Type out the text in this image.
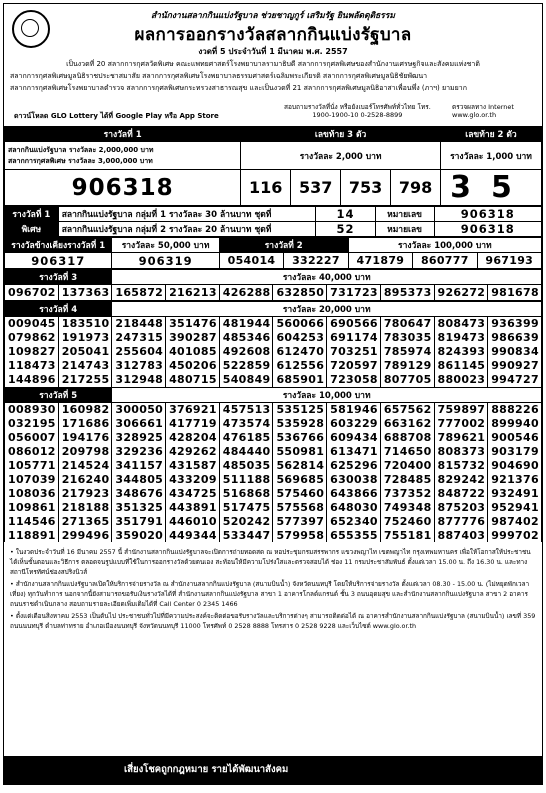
สำนักงานสลากกินแบ่งรัฐบาล ช่วยชาญกูร์ เสริมรัฐ ยินพลัดดุติธรรม
ผลการออกรางวัลสลากกินแบ่งรัฐบาล
งวดที่ 5 ประจำวันที่ 1 มีนาคม พ.ศ. 2557
เป็นงวดที่ 20 สลากการกุศลวัดพิเศษ คณะแพทยศาสตร์โรงพยาบาลรามาธิบดี สลากการกุศลพิเศษของสำนักงานเศรษฐกิจและสังคมแห่งชาติ
สลากการกุศลพิเศษมูลนิธิราชประชาสมาสัย สลากการกุศลพิเศษโรงพยาบาลธรรมศาสตร์เฉลิมพระเกียรติ สลากการกุศลพิเศษมูลนิธิชัยพัฒนา
สลากการกุศลพิเศษโรงพยาบาลตำรวจ สลากการกุศลพิเศษกระทรวงสาธารณสุข และเป็นงวดที่ 21 สลากการกุศลพิเศษมูลนิธิอาสาเพื่อนพึ่ง (ภาฯ) ยามยาก
ดาวน์โหลด GLO Lottery ได้ที่ Google Play หรือ App Store
สอบถามรางวัลที่นั่ง หรือยังเบอร์โทรศัพท์ทั่วไทย โทร.
1900-1900-10 0-2528-8899
ตรวจผลทาง Internet
www.glo.or.th
รางวัลที่ 1	เลขท้าย 3 ตัว				เลขท้าย 2 ตัว

สลากกินแบ่งรัฐบาล รางวัลละ 2,000,000 บาท
สลากการกุศลพิเศษ รางวัลละ 3,000,000 บาท	รางวัลละ 2,000 บาท				รางวัลละ 1,000 บาท
906318	116	537	753	798	35
รางวัลที่ 1	สลากกินแบ่งรัฐบาล กลุ่มที่ 1 รางวัลละ 30 ล้านบาท ชุดที่	14	หมายเลข	906318
พิเศษ	สลากกินแบ่งรัฐบาล กลุ่มที่ 2 รางวัลละ 20 ล้านบาท ชุดที่	52	หมายเลข	906318
รางวัลข้างเคียงรางวัลที่ 1	รางวัลละ 50,000 บาท	รางวัลที่ 2		รางวัลละ 100,000 บาท		
906317	906319	054014	332227	471879	860777	967193
รางวัลที่ 3		รางวัลละ 40,000 บาท							
096702	137363	165872	216213	426288	632850	731723	895373	926272	981678
รางวัลที่ 4		รางวัลละ 20,000 บาท							
009045	183510	218448	351476	481944	560066	690566	780647	808473	936399
079862	191973	247315	390287	485346	604253	691174	783035	819473	986639
109827	205041	255604	401085	492608	612470	703251	785974	824393	990834
118473	214743	312783	450206	522859	612556	720597	789129	861145	990927
144896	217255	312948	480715	540849	685901	723058	807705	880023	994727
รางวัลที่ 5		รางวัลละ 10,000 บาท							
008930	160982	300050	376921	457513	535125	581946	657562	759897	888226
032195	171686	306661	417719	473574	535928	603229	663162	777002	899940
056007	194176	328925	428204	476185	536766	609434	688708	789621	900546
086012	209798	329236	429262	484440	550981	613471	714650	808373	903179
105771	214524	341157	431587	485035	562814	625296	720400	815732	904690
107039	216240	344805	433209	511188	569685	630038	728485	829242	921376
108036	217923	348676	434725	516868	575460	643866	737352	848722	932491
109861	218188	351325	443891	517475	575568	648030	749348	875203	952941
114546	271365	351791	446010	520242	577397	652340	752460	877776	987402
118891	299496	359020	449344	533447	579958	655355	755181	887403	999702

• ในงวดประจำวันที่ 16 มีนาคม 2557 นี้ สำนักงานสลากกินแบ่งรัฐบาลจะเปิดการถ่ายทอดสด ณ หอประชุมกรมสรรพากร แขวงพญาไท เขตพญาไท กรุงเทพมหานคร เพื่อให้โอกาสให้ประชาชนได้เห็นขั้นตอนและวิธีการ ตลอดจนรูปแบบที่ใช้ในการออกรางวัลด้วยตนเอง สะท้อนให้มีความโปร่งใสและตรวจสอบได้ ช่อง 11 กรมประชาสัมพันธ์ ตั้งแต่เวลา 15.00 น. ถึง 16.30 น. และทางสถานีโทรทัศน์ช่องสปริงนิวส์

• สำนักงานสลากกินแบ่งรัฐบาลเปิดให้บริการจ่ายรางวัล ณ สำนักงานสลากกินแบ่งรัฐบาล (สนามบินน้ำ) จังหวัดนนทบุรี โดยให้บริการจ่ายรางวัล ตั้งแต่เวลา 08.30 - 15.00 น. (ไม่หยุดพักเวลาเที่ยง) ทุกวันทำการ นอกจากนี้ยังสามารถขอรับเงินรางวัลได้ที่ สำนักงานสลากกินแบ่งรัฐบาล สาขา 1 อาคารโกลด์แกรนด์ ชั้น 3 ถนนอุดมสุข และสำนักงานสลากกินแบ่งรัฐบาล สาขา 2 อาคาร ถนนราชดำเนินกลาง สอบถามรายละเอียดเพิ่มเติมได้ที่ Call Center 0 2345 1466

• ตั้งแต่เดือนสิงหาคม 2553 เป็นต้นไป ประชาชนทั่วไปที่มีความประสงค์จะติดต่อขอรับรางวัลและบริการต่างๆ สามารถติดต่อได้ ณ อาคารสำนักงานสลากกินแบ่งรัฐบาล (สนามบินน้ำ) เลขที่ 359 ถนนนนทบุรี ตำบลท่าทราย อำเภอเมืองนนทบุรี จังหวัดนนทบุรี 11000 โทรศัพท์ 0 2528 8888 โทรสาร 0 2528 9228 และเว็บไซต์ www.glo.or.th

เสี่ยงโชคถูกกฎหมาย รายได้พัฒนาสังคม
